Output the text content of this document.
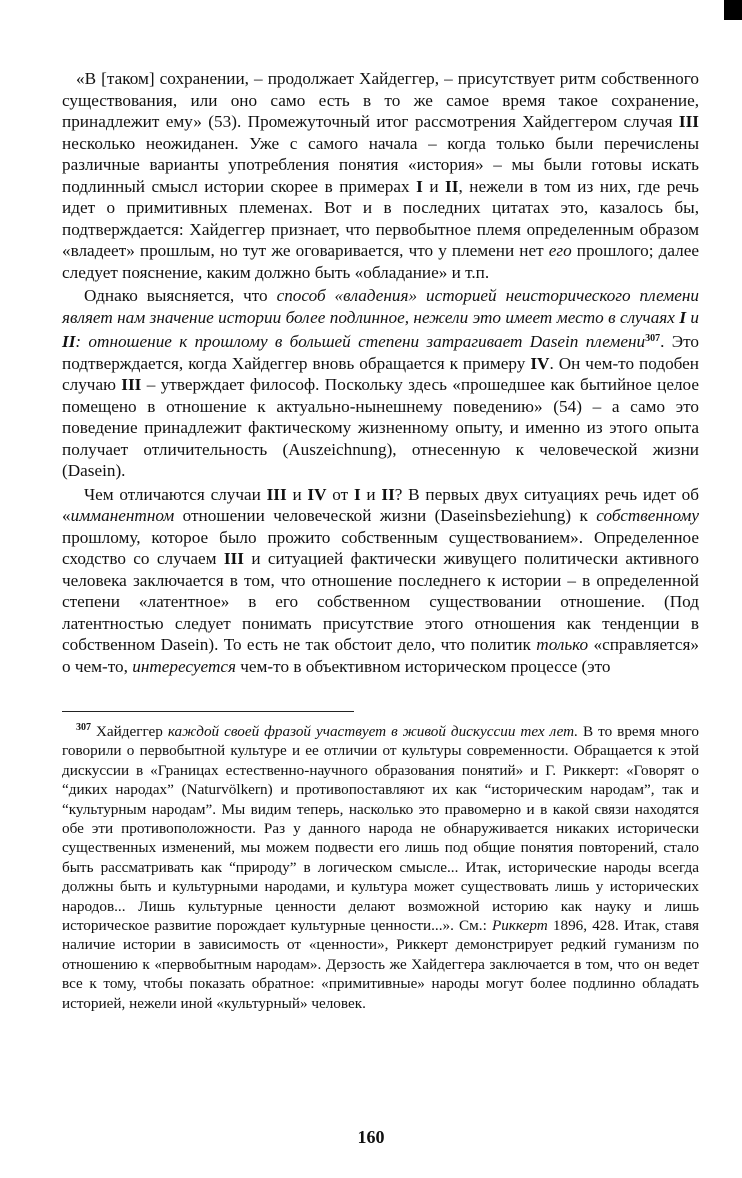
«В [таком] сохранении, – продолжает Хайдеггер, – присутствует ритм собственного существования, или оно само есть в то же самое время такое сохранение, принадлежит ему» (53). Промежуточный итог рассмотрения Хайдеггером случая III несколько неожиданен. Уже с самого начала – когда только были перечислены различные варианты употребления понятия «история» – мы были готовы искать подлинный смысл истории скорее в примерах I и II, нежели в том из них, где речь идет о примитивных племенах. Вот и в последних цитатах это, казалось бы, подтверждается: Хайдеггер признает, что первобытное племя определенным образом «владеет» прошлым, но тут же оговаривается, что у племени нет его прошлого; далее следует пояснение, каким должно быть «обладание» и т.п.

Однако выясняется, что способ «владения» историей неисторического племени являет нам значение истории более подлинное, нежели это имеет место в случаях I и II: отношение к прошлому в большей степени затрагивает Dasein племени$^{307}$. Это подтверждается, когда Хайдеггер вновь обращается к примеру IV. Он чем-то подобен случаю III – утверждает философ. Поскольку здесь «прошедшее как бытийное целое помещено в отношение к актуально-нынешнему поведению» (54) – а само это поведение принадлежит фактическому жизненному опыту, и именно из этого опыта получает отличительность (Auszeichnung), отнесенную к человеческой жизни (Dasein).

Чем отличаются случаи III и IV от I и II? В первых двух ситуациях речь идет об «имманентном отношении человеческой жизни (Daseinsbeziehung) к собственному прошлому, которое было прожито собственным существованием». Определенное сходство со случаем III и ситуацией фактически живущего политически активного человека заключается в том, что отношение последнего к истории – в определенной степени «латентное» в его собственном существовании отношение. (Под латентностью следует понимать присутствие этого отношения как тенденции в собственном Dasein). То есть не так обстоит дело, что политик только «справляется» о чем-то, интересуется чем-то в объективном историческом процессе (это

$^{307}$ Хайдеггер каждой своей фразой участвует в живой дискуссии тех лет. В то время много говорили о первобытной культуре и ее отличии от культуры современности. Обращается к этой дискуссии в «Границах естественно-научного образования понятий» и Г. Риккерт: «Говорят о “диких народах” (Naturvölkern) и противопоставляют их как “историческим народам”, так и “культурным народам”. Мы видим теперь, насколько это правомерно и в какой связи находятся обе эти противоположности. Раз у данного народа не обнаруживается никаких исторически существенных изменений, мы можем подвести его лишь под общие понятия повторений, стало быть рассматривать как “природу” в логическом смысле... Итак, исторические народы всегда должны быть и культурными народами, и культура может существовать лишь у исторических народов... Лишь культурные ценности делают возможной историю как науку и лишь историческое развитие порождает культурные ценности...». См.: Риккерт 1896, 428. Итак, ставя наличие истории в зависимость от «ценности», Риккерт демонстрирует редкий гуманизм по отношению к «первобытным народам». Дерзость же Хайдеггера заключается в том, что он ведет все к тому, чтобы показать обратное: «примитивные» народы могут более подлинно обладать историей, нежели иной «культурный» человек.

160
